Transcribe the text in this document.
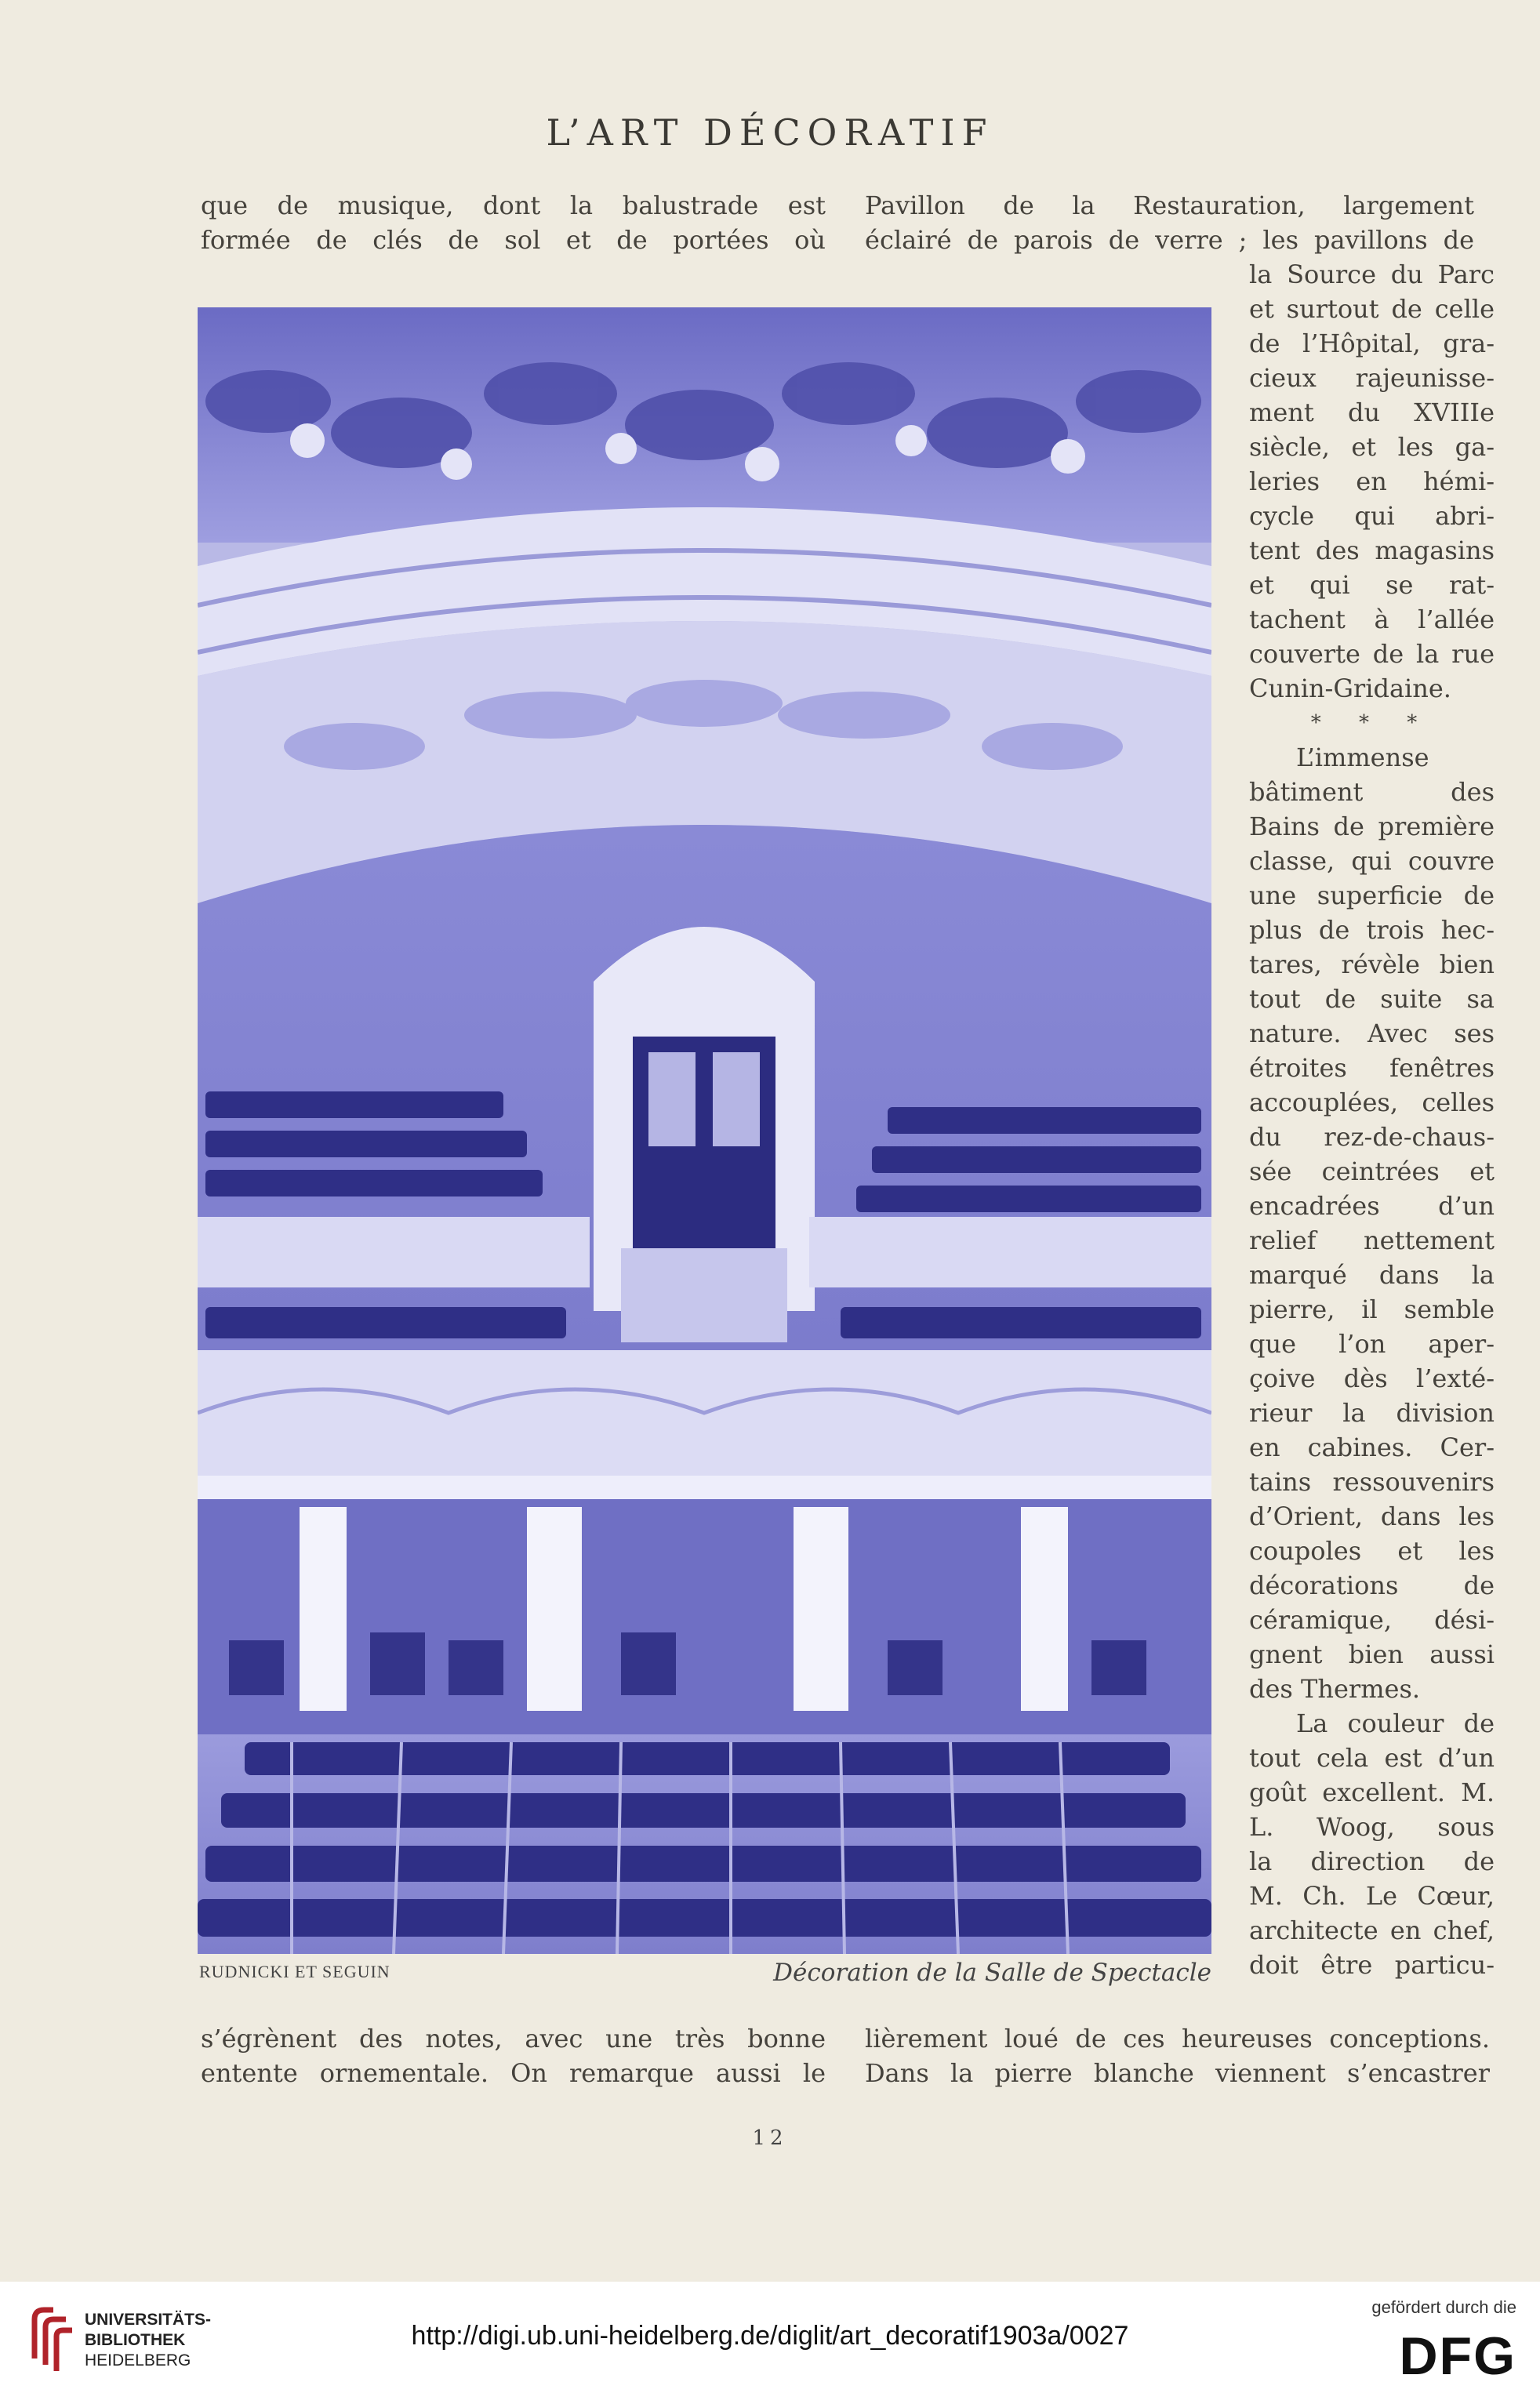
L’ART DÉCORATIF
que de musique, dont la balustrade est
formée de clés de sol et de portées où
Pavillon de la Restauration, largement
éclairé de parois de verre ; les pavillons de
la Source du Parc
et surtout de celle
de l’Hôpital, gra-
cieux rajeunisse-
ment du XVIIIe
siècle, et les ga-
leries en hémi-
cycle qui abri-
tent des magasins
et qui se rat-
tachent à l’allée
couverte de la rue
Cunin-Gridaine.
* * *
L’immense
bâtiment des
Bains de première
classe, qui couvre
une superficie de
plus de trois hec-
tares, révèle bien
tout de suite sa
nature. Avec ses
étroites fenêtres
accouplées, celles
du rez-de-chaus-
sée ceintrées et
encadrées d’un
relief nettement
marqué dans la
pierre, il semble
que l’on aper-
çoive dès l’exté-
rieur la division
en cabines. Cer-
tains ressouvenirs
d’Orient, dans les
coupoles et les
décorations de
céramique, dési-
gnent bien aussi
des Thermes.
La couleur de
tout cela est d’un
goût excellent. M.
L. Woog, sous
la direction de
M. Ch. Le Cœur,
architecte en chef,
doit être particu-
RUDNICKI ET SEGUIN	Décoration de la Salle de Spectacle
s’égrènent des notes, avec une très bonne
entente ornementale. On remarque aussi le
lièrement loué de ces heureuses conceptions.
Dans la pierre blanche viennent s’encastrer
12
UNIVERSITÄTS-
BIBLIOTHEK
HEIDELBERG
http://digi.ub.uni-heidelberg.de/diglit/art_decoratif1903a/0027
gefördert durch die
DFG
